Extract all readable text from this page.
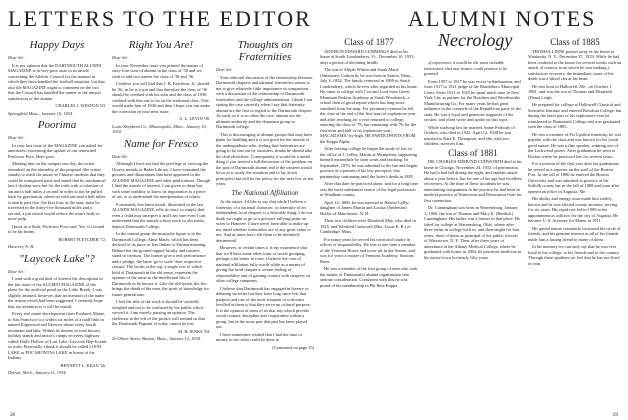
LETTERS TO THE EDITOR	ALUMNI NOTES
Necrology
Happy Days

Dear Sir:

It is my opinion that the DARTMOUTH ALUMNI MAGAZINE is in very poor taste in its article concerning the Athletic Council for the manner in which they have handled the football situation, but that also the MAGAZINE ought to comment on the fact that the Council has handled the matter to the utmost satisfaction of the alumni.

CHARLES J. WESTON '03.

Springfield Mass., January 16, 1934.

Poorima

Dear Sir:

In your last issue of the MAGAZINE you asked for anecdotes concerning the upshift of our renowned Professor Poor. Here goes:

Meeting him on the campus one day, the writer remarked on the absurdity of the proposal (the writer stands) to teach the music to Chinese students that they could be transposed parts and stated that by mechanical law a rhythm were but for the truth with a cohesion of sin and a half miles a second in order to not be pulled back by gravitation, where-as with one and a half miles is nearly past five, the first four, at the start, must be traversed in the thirty-five thousand miles and a second, a pin which would reduce the man's body to more pulp.

Quick as a flash, Professor Poor said: Yes, it's bound to be his bones.

ROBERT FLETCHER '72.

Hanover, N. H.

"Laycock Lake"?

Dear Sir:

I read with a great deal of interest the description in the last issue of the ALUMNI MAGAZINE of the plans for the artificial pond on the Little Brook. I was slightly amazed, however, that no mention of the name the reason which had been suggested. I certainly hope that my attention to it will be repaid.

Every real estate development from Portland, Maine, to San Francisco is a within six miles of a mall little in named Edgewood and likewise about every fourth mountain and lake. Within its dozens of road houses, holiday stands and motor's camps on every highway called Dud's Hollow of Lost Lake, Laycock Hop-In and so forth. Personally I think it should be called LOON LAKE or POCAHONTAS LAKE in honor of the Indians.

BENNETT L. KEAN '26.

Detroit, Mich., January 11, 1934.

Right You Are!

Dear Sir:

In your November issue you printed the names of sixty-four sons of alumni in the class of '38 and we wish to add two names the class of '38 and '36.

I believe you will find that J. B. Ketchum, Jr., should be '36, as he is a son and that therefore the class of '36 should be credited with his sons and the class of 1936 credited with this one to be on the freshman class. This would make him of 1936 and then I hope you can make the correction in your next issue.

A. L. LEVIN '08.

Louis-Shepherd Co., Minneapolis, Minn., January 10, 1934.

Name for Fresco

Dear Sir:

Although I have not had the privilege of viewing the Orozco murals in Baker Library, I have examined the pictures and illustrations that have appeared in the ALUMNI MAGAZINE and other publications. Though I find the murals of interest, I am given to them but with some inability to know its importance as a piece of art; or to understand the interpretation of others.

Fortunately this latest mural, illustrated in the last ALUMNI MAGAZINE, tells its story so simply that even a child may interpret it and I am sure even I can understand that the murals whose work so obviously depicts Dartmouth College.

In the central group the mustache figure is in the Dartmouth College, Alma Mater, which has been defaced of its more or less Indian or Puritan meaning. Behind her the ground rapped faculty and trustees stand in crimson. The former give a real performance and a pledge; the latter 'go to scale' their respective classes. The books at the top, a single row of which hold of Dartmouth in the old sense, represent the opinion of the artist as the intellectual life of Dartmouth as he knows it. Like the old tyrant, the fire brings the death of the men, the spirit of knowledge for future generations.

I feel the title of the work it should be carefully weighed and not to be confused by the public which viewed it. I am merely passing an opinion. The skeletons in the left of the picture will remind us that the Dartmouth Pageant of today cannot be lost.

M. B. JENKS '94.

20 Oliver Street, Boston, Mass., January 12, 1934.

Thoughts on Fraternities

Dear Sir:

Your editorial discussion of the relationship between Dartmouth chapters and national fraternities seems to me to give relatively little importance in comparison with a discussion of the relationship of Dartmouth fraternities and the college administration. I think I am stating the case correctly when I say that fraternity alumni are the first to regard to the Dartmouth chapter. As such, as it is so often the case, alumni are the ultimate authority and the dominant group in Dartmouth college.

This is discouraging to alumni groups that may have plans for building and it is not good for the morale of the undergraduate who, feeling that fraternities are going to be cast out by outsiders, thinks he should take his club elsewhere. Consequently it would be a useful thing if you invited a full discussion of the problem on the part of Dartmouth alumni and if the trustees would be so as to study the situation and to lay down principles that will be the policy for the next few or ten years.

The National Affiliation

At the outset, I'd like to say that while I believe a fraternity of a national character, or fraternity of an independent local chapter, is a desirable thing, I do not think we ought to go to a pressure rallying point on votes to Hanover. I have never been able to make up my mind whether fraternities are of any great value or not. And at times have felt them to be definitely detrimental.

However, at certain times it is my experience that that we'll have some other form of social grouping, perhaps a bit better in form. I believe the core of national affiliation fully worth while as a means of giving the local chapter a certain feeling of responsibility and of gaining contact with chapters on other college campuses.

I believe that Dartmouth has engaged in literary or debating societies but they have long since lost that purpose and one of the most frequent of criticisms levelled at them is that they serve no cultural purpose. It is the opinion of most of us that any which provide social contact, discipline and cooperation within a group, but in the most part that part has been played out.

I have sometimes wished that I had the time or money to see what could be done in

(Continued on page 33)

Class of 1877

ADDISON EDWARD CUMMINGS died at his home at South Londonderry, Vt., December 10, 1933, after a period of declining health.

The son of Abijah Whitin and Sarah Marie (Simmons) Cudworth, he was born in Sutton, Mass., July 3, 1852. The family removed in 1869 to South Londonderry, which he ever after regarded as his home. He came to college with Cox and Lord from Green Mountain Perkins Academy at South Woodstock, a school then of good repute which has long since vanished from the map. For pecuniary reasons he left the class at the end of the first term of sophomore year, and after teaching for a year returned to college, entering the class of '78, but remaining with '76 for the first term and half of its sophomore year, MACADAMIC-by-high. HE PARTICIPANTS FROM the Kappa Alpha.

After leaving college he began the study of law in the office of J. LeRoy Martin at Montpelier, supporting himself meanwhile by farm work and teaching. In September, 1879, he was admitted to the bar and began practice as a partner of his law preceptor, this partnership continuing until the latter's death in 1885.

After that date he practiced alone, and for a long time was the most substantial source of the legal profession in Windham county.

April 14, 1880, he was married to Harriet Colby, daughter of James Martin and Louisa (Anderson) Hobbs of Manchester, N. H.

Their two children were Elizabeth May, who died in 1925, and Winifred Cudworth (Mrs. Louis E. B.) of Cambridge, Mass.

For many years he served his town and county in offices of responsibility. He was at one time a member of the Vermont House and twice sat in the Senate, and was for years a trustee of Vermont Academy, Saxtons River.

He was a member of the first group of men who took the matter of Dartmouth's alumni organization into serious consideration. Consistent with this he was proud of his membership in Phi Beta Kappa.

of experience it would be the most valuable inheritance that any trustee could possess to be granted.

From 1907 to 1917 he was rector in Sanbornton, and from 1917 to 1921 judge of the Brattleboro Municipal Court. From 1921 to 1925 he spent much time in New York City as partner for the Hutchins and Woodworths Manufacturing Co. For many years he had great influence in the counsels of the Republican party of the state. He was a loyal and generous supporter of his section, and often wrote and spoke on this topic.

While studying law he married Annie Peabody of Grafton, who died in 1922. April 12, 1928 he was married to Kate E. Thompson, and she, with two children, survives him.

Class of 1881

DR. CHARLES EDMUND CUDWORTH died at his home in Chicago, November 24, 1933, of pneumonia. He had a bad fall during the night, and another attack about a year before, but for one of his age had excellent recoveries. At the time of these accidents he was entertaining companions in the practice he had been in medical practice at Watertown and Wauwatosa from his first connection.

Dr. Cunningham was born in Warrensburg, January 1, 1860, the son of Thomas and Mary E. (Burdick) Cunningham. His father was a farmer in that place. He fitted for college at Warrensburg, Ohio, where after three terms in college with us, and then taught for four years, three of them as principal of the public schools of Watertown, N. Y. Then, after three years of attendance at the Albany Medical College, where he graduated with honor in 1884, he practiced medicine in his native town for nearly fifty years.

Class of 1885

THOMAS LINNE passed away in his home at Waukesha, N. Y., December 27, 1933. While he had been confined to the house for several weeks with an attack of sciatica from which he was making a satisfactory recovery, the immediate cause of his death was a blood clot at his heart.

He was born in Hallowell, Me., on October 1, 1861, and was the son of Thomas and Elizabeth (Dana) Leigh.

He prepared for college at Hallowell Classical and Scientific Institute and entered Bowdoin College, but during the latter part of his sophomore year he transferred to Dartmouth College and was graduated with the class of 1885.

He was a member of Psi Upsilon fraternity, he was popular with the class and was known for his jovial good nature. He was a fine speaker, winning one of the Lockwood prizes. After graduation he went to Boston where he practiced law for several years.

For a portion of the first year after his graduation, he served as a reporter on the staff of the Boston Post. In the fall of 1886 he entered the Boston University and was admitted to practice at the Suffolk county bar in the fall of 1888 and soon after opened an office in Augusta, Me.

His ability and energy soon made him widely known and he was elected county attorney, serving for six years. His rapid rise led in 1900 to his appointment as solicitor for the city of Augusta. He became U. S. Attorney for Maine in 1911.

His genial nature constantly increased his circle of friends, and his genuine interest in all of his friends made him a lasting friend to many of them.

In his memory we can only say that he was ever loyal to his college, to his friends and to his country. Through these qualities we feel that he has not lived in vain.

28	29
